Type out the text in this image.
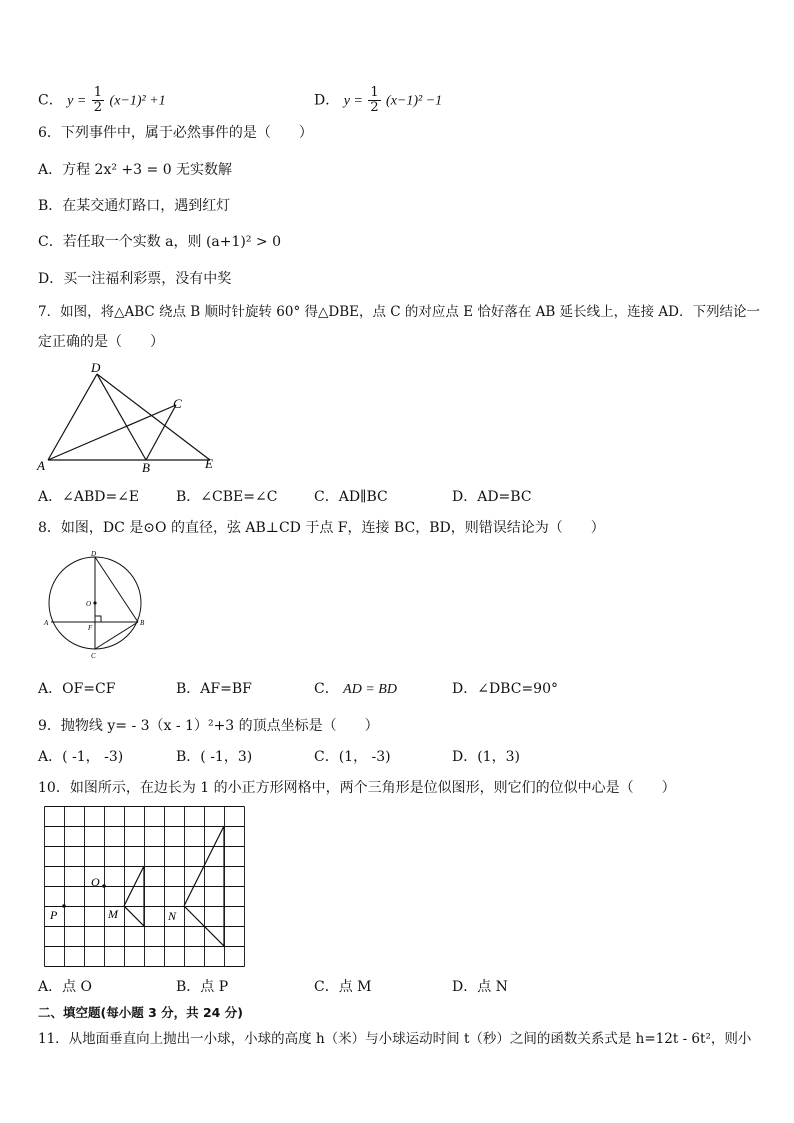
C． $y = \frac{1}{2} (x-1)^2 +1$	D． $y = \frac{1}{2} (x-1)^2 -1$
6．下列事件中，属于必然事件的是（　　）
A．方程 2x² +3 = 0 无实数解
B．在某交通灯路口，遇到红灯
C．若任取一个实数 a，则 (a+1)² > 0
D．买一注福利彩票，没有中奖
7．如图，将△ABC 绕点 B 顺时针旋转 60° 得△DBE，点 C 的对应点 E 恰好落在 AB 延长线上，连接 AD．下列结论一
定正确的是（　　）
D
C
A	B	E
A．∠ABD=∠E	B．∠CBE=∠C	C．AD∥BC	D．AD=BC
8．如图，DC 是⊙O 的直径，弦 AB⊥CD 于点 F，连接 BC，BD，则错误结论为（　　）
D
O
A
F
B
C
A．OF=CF	B．AF=BF	C． AD = BD	D．∠DBC=90°
9．抛物线 y= - 3（x - 1）²+3 的顶点坐标是（　　）
A．( -1， -3)	B．( -1，3)	C．(1， -3)	D．(1，3)
10．如图所示，在边长为 1 的小正方形网格中，两个三角形是位似图形，则它们的位似中心是（　　）
O
P	M	N
A．点 O	B．点 P	C．点 M	D．点 N
二、填空题(每小题 3 分，共 24 分)
11．从地面垂直向上抛出一小球，小球的高度 h（米）与小球运动时间 t（秒）之间的函数关系式是 h=12t - 6t²，则小
